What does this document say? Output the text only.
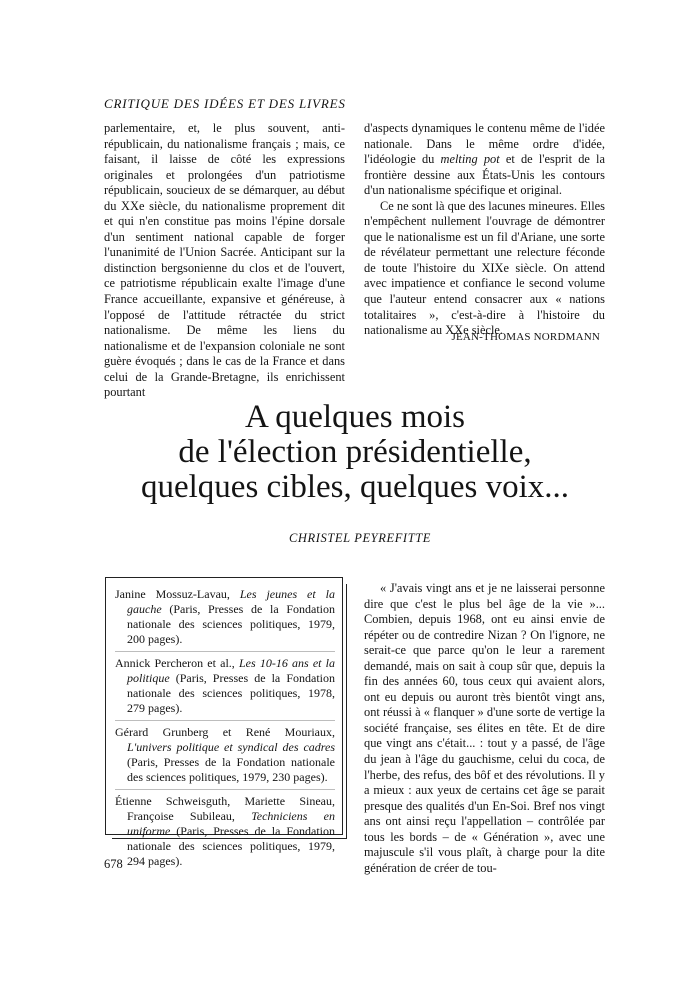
CRITIQUE DES IDÉES ET DES LIVRES

parlementaire, et, le plus souvent, anti-républicain, du nationalisme français ; mais, ce faisant, il laisse de côté les expressions originales et prolongées d'un patriotisme républicain, soucieux de se démarquer, au début du XXe siècle, du nationalisme proprement dit et qui n'en constitue pas moins l'épine dorsale d'un sentiment national capable de forger l'unanimité de l'Union Sacrée. Anticipant sur la distinction bergsonienne du clos et de l'ouvert, ce patriotisme républicain exalte l'image d'une France accueillante, expansive et généreuse, à l'opposé de l'attitude rétractée du strict nationalisme. De même les liens du nationalisme et de l'expansion coloniale ne sont guère évoqués ; dans le cas de la France et dans celui de la Grande-Bretagne, ils enrichissent pourtant

d'aspects dynamiques le contenu même de l'idée nationale. Dans le même ordre d'idée, l'idéologie du melting pot et de l'esprit de la frontière dessine aux États-Unis les contours d'un nationalisme spécifique et original.

Ce ne sont là que des lacunes mineures. Elles n'empêchent nullement l'ouvrage de démontrer que le nationalisme est un fil d'Ariane, une sorte de révélateur permettant une relecture féconde de toute l'histoire du XIXe siècle. On attend avec impatience et confiance le second volume que l'auteur entend consacrer aux « nations totalitaires », c'est-à-dire à l'histoire du nationalisme au XXe siècle.

JEAN-THOMAS NORDMANN
A quelques mois
de l'élection présidentielle,
quelques cibles, quelques voix...
CHRISTEL PEYREFITTE

Janine Mossuz-Lavau, Les jeunes et la gauche (Paris, Presses de la Fondation nationale des sciences politiques, 1979, 200 pages).

Annick Percheron et al., Les 10-16 ans et la politique (Paris, Presses de la Fondation nationale des sciences politiques, 1978, 279 pages).

Gérard Grunberg et René Mouriaux, L'univers politique et syndical des cadres (Paris, Presses de la Fondation nationale des sciences politiques, 1979, 230 pages).

Étienne Schweisguth, Mariette Sineau, Françoise Subileau, Techniciens en uniforme (Paris, Presses de la Fondation nationale des sciences politiques, 1979, 294 pages).

« J'avais vingt ans et je ne laisserai personne dire que c'est le plus bel âge de la vie »... Combien, depuis 1968, ont eu ainsi envie de répéter ou de contredire Nizan ? On l'ignore, ne serait-ce que parce qu'on le leur a rarement demandé, mais on sait à coup sûr que, depuis la fin des années 60, tous ceux qui avaient alors, ont eu depuis ou auront très bientôt vingt ans, ont réussi à « flanquer » d'une sorte de vertige la société française, ses élites en tête. Et de dire que vingt ans c'était... : tout y a passé, de l'âge du jean à l'âge du gauchisme, celui du coca, de l'herbe, des refus, des bôf et des révolutions. Il y a mieux : aux yeux de certains cet âge se parait presque des qualités d'un En-Soi. Bref nos vingt ans ont ainsi reçu l'appellation – contrôlée par tous les bords – de « Génération », avec une majuscule s'il vous plaît, à charge pour la dite génération de créer de tou-

678
